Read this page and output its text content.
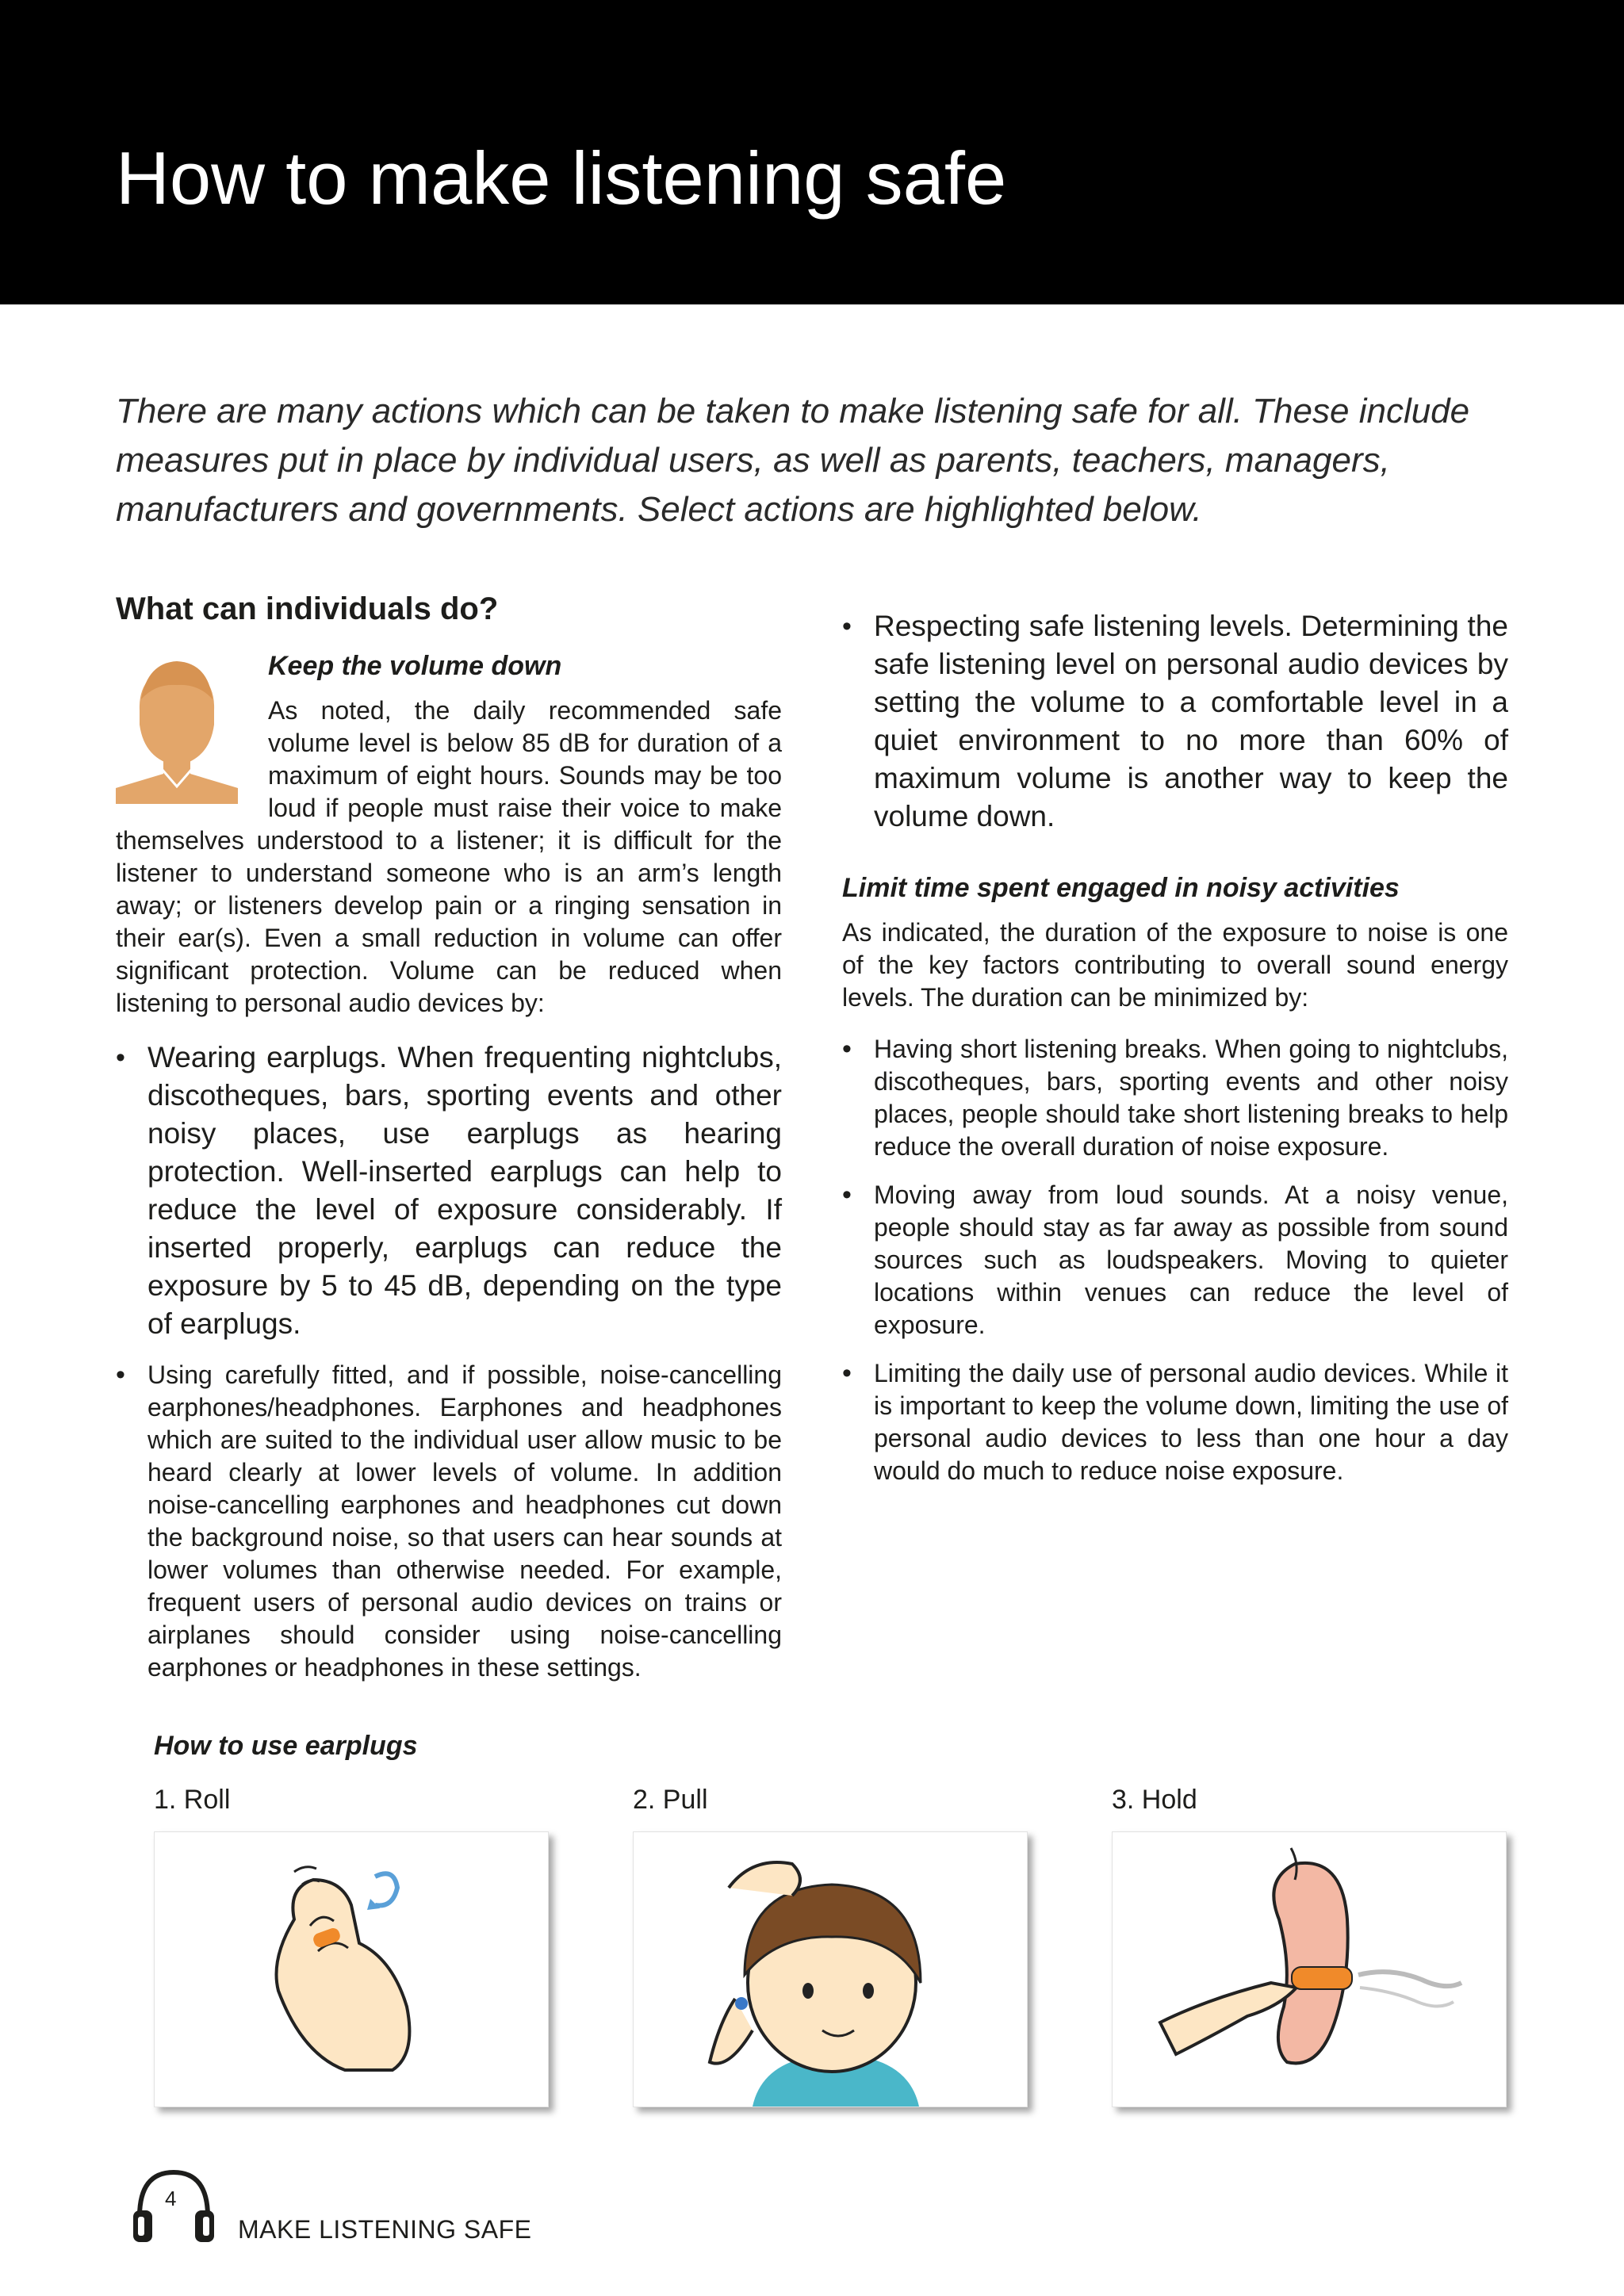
How to make listening safe

There are many actions which can be taken to make listening safe for all. These include measures put in place by individual users, as well as parents, teachers, managers, manufacturers and governments. Select actions are highlighted below.

What can individuals do?
Keep the volume down

As noted, the daily recommended safe volume level is below 85 dB for duration of a maximum of eight hours. Sounds may be too loud if people must raise their voice to make themselves understood to a listener; it is difficult for the listener to understand someone who is an arm’s length away; or listeners develop pain or a ringing sensation in their ear(s). Even a small reduction in volume can offer significant protection. Volume can be reduced when listening to personal audio devices by:

• Wearing earplugs. When frequenting nightclubs, discotheques, bars, sporting events and other noisy places, use earplugs as hearing protection. Well-inserted earplugs can help to reduce the level of exposure considerably. If inserted properly, earplugs can reduce the exposure by 5 to 45 dB, depending on the type of earplugs.
• Using carefully fitted, and if possible, noise-cancelling earphones/headphones. Earphones and headphones which are suited to the individual user allow music to be heard clearly at lower levels of volume. In addition noise-cancelling earphones and headphones cut down the background noise, so that users can hear sounds at lower volumes than otherwise needed. For example, frequent users of personal audio devices on trains or airplanes should consider using noise-cancelling earphones or headphones in these settings.
• Respecting safe listening levels. Determining the safe listening level on personal audio devices by setting the volume to a comfortable level in a quiet environment to no more than 60% of maximum volume is another way to keep the volume down.
Limit time spent engaged in noisy activities

As indicated, the duration of the exposure to noise is one of the key factors contributing to overall sound energy levels. The duration can be minimized by:

• Having short listening breaks. When going to nightclubs, discotheques, bars, sporting events and other noisy places, people should take short listening breaks to help reduce the overall duration of noise exposure.
• Moving away from loud sounds. At a noisy venue, people should stay as far away as possible from sound sources such as loudspeakers. Moving to quieter locations within venues can reduce the level of exposure.
• Limiting the daily use of personal audio devices. While it is important to keep the volume down, limiting the use of personal audio devices to less than one hour a day would do much to reduce noise exposure.
How to use earplugs
1. Roll	2. Pull	3. Hold
4
MAKE LISTENING SAFE
